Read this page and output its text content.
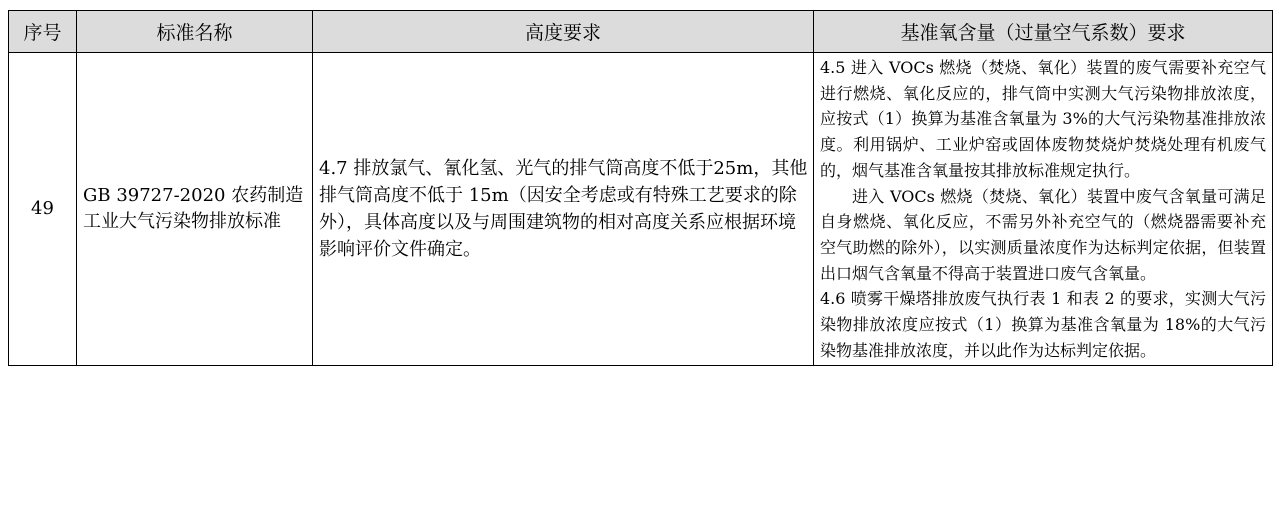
序号	标准名称	高度要求	基准氧含量（过量空气系数）要求
49	GB 39727-2020 农药制造工业大气污染物排放标准	4.7 排放氯气、氰化氢、光气的排气筒高度不低于25m，其他排气筒高度不低于 15m（因安全考虑或有特殊工艺要求的除外），具体高度以及与周围建筑物的相对高度关系应根据环境影响评价文件确定。	4.5 进入 VOCs 燃烧（焚烧、氧化）装置的废气需要补充空气进行燃烧、氧化反应的，排气筒中实测大气污染物排放浓度，应按式（1）换算为基准含氧量为 3%的大气污染物基准排放浓度。利用锅炉、工业炉窑或固体废物焚烧炉焚烧处理有机废气的，烟气基准含氧量按其排放标准规定执行。
进入 VOCs 燃烧（焚烧、氧化）装置中废气含氧量可满足自身燃烧、氧化反应，不需另外补充空气的（燃烧器需要补充空气助燃的除外），以实测质量浓度作为达标判定依据，但装置出口烟气含氧量不得高于装置进口废气含氧量。
4.6 喷雾干燥塔排放废气执行表 1 和表 2 的要求，实测大气污染物排放浓度应按式（1）换算为基准含氧量为 18%的大气污染物基准排放浓度，并以此作为达标判定依据。
